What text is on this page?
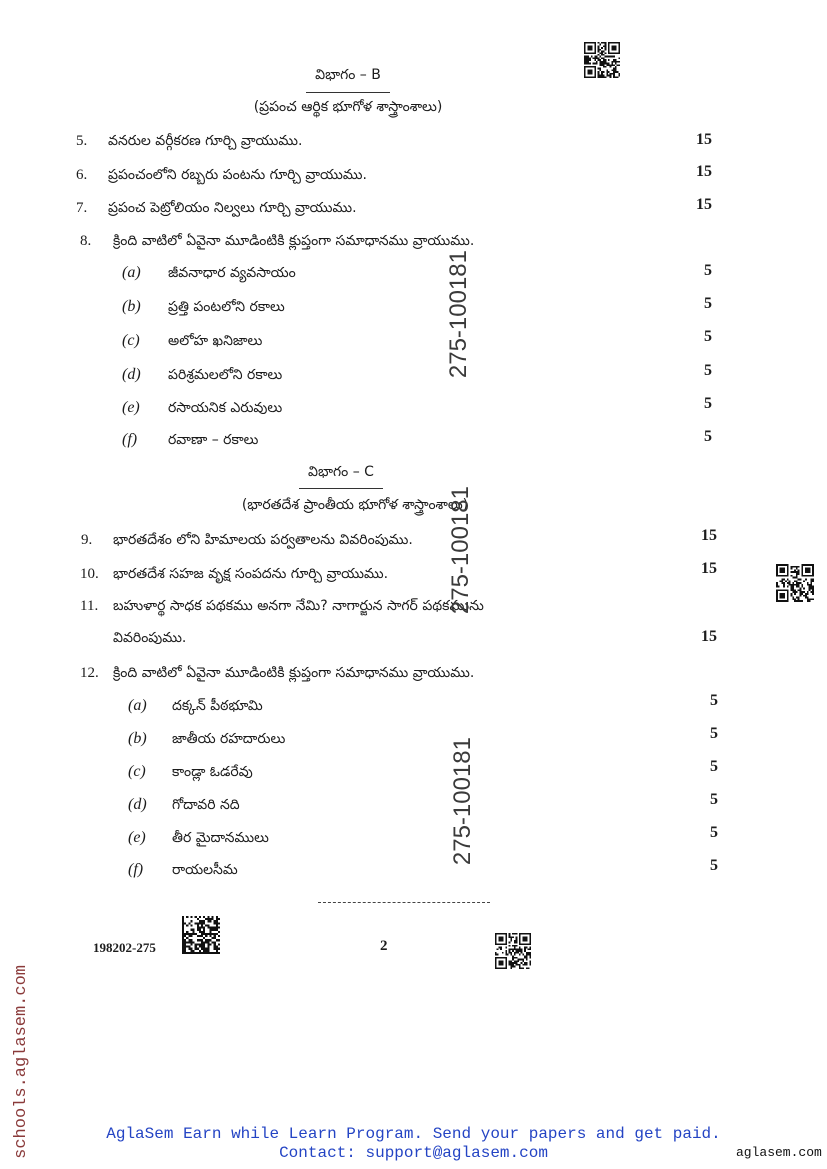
విభాగం – B
(ప్రపంచ ఆర్థిక భూగోళ శాస్త్రాంశాలు)
5. వనరుల వర్గీకరణ గూర్చి వ్రాయుము.	15
6. ప్రపంచంలోని రబ్బరు పంటను గూర్చి వ్రాయుము.	15
7. ప్రపంచ పెట్రోలియం నిల్వలు గూర్చి వ్రాయుము.	15
8. క్రింది వాటిలో ఏవైనా మూడింటికి క్లుప్తంగా సమాధానము వ్రాయుము.
(a) జీవనాధార వ్యవసాయం	5
(b) ప్రత్తి పంటలోని రకాలు	5
(c) అలోహ ఖనిజాలు	5
(d) పరిశ్రమలలోని రకాలు	5
(e) రసాయనిక ఎరువులు	5
(f) రవాణా – రకాలు	5
విభాగం – C
(భారతదేశ ప్రాంతీయ భూగోళ శాస్త్రాంశాలు)
9. భారతదేశం లోని హిమాలయ పర్వతాలను వివరింపుము.	15
10. భారతదేశ సహజ వృక్ష సంపదను గూర్చి వ్రాయుము.	15
11. బహుళార్థ సాధక పథకము అనగా నేమి? నాగార్జున సాగర్ పథకమును
వివరింపుము.	15
12. క్రింది వాటిలో ఏవైనా మూడింటికి క్లుప్తంగా సమాధానము వ్రాయుము.
(a) దక్కన్ పీఠభూమి	5
(b) జాతీయ రహదారులు	5
(c) కాండ్లా ఓడరేవు	5
(d) గోదావరి నది	5
(e) తీర మైదానములు	5
(f) రాయలసీమ	5
198202-275	2
275-100181
275-100181
275-100181
schools.aglasem.com	AglaSem Earn while Learn Program. Send your papers and get paid.
Contact: support@aglasem.com	aglasem.com
